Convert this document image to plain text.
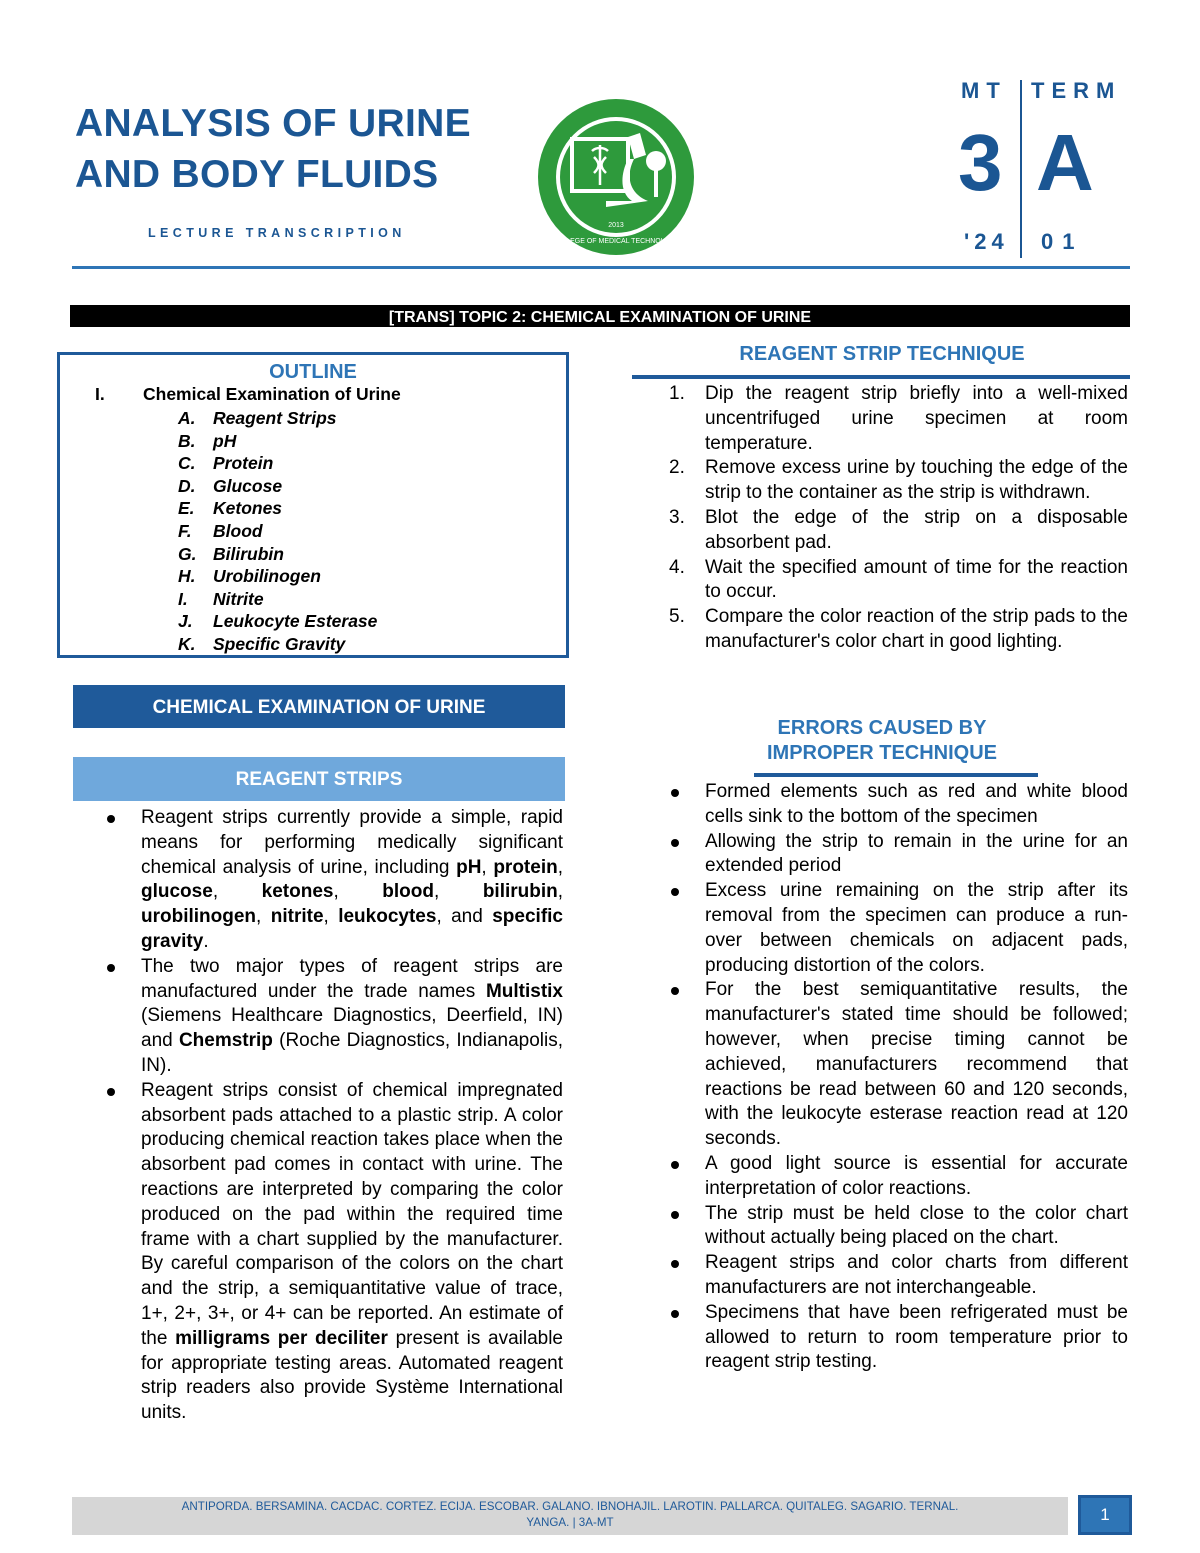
ANALYSIS OF URINE
AND BODY FLUIDS
LECTURE TRANSCRIPTION
2013
COLLEGE OF MEDICAL TECHNOLOGY
MT TERM
3 A
'24 01
[TRANS] TOPIC 2: CHEMICAL EXAMINATION OF URINE
OUTLINE
I. Chemical Examination of Urine
A. Reagent Strips
B. pH
C. Protein
D. Glucose
E. Ketones
F. Blood
G. Bilirubin
H. Urobilinogen
I. Nitrite
J. Leukocyte Esterase
K. Specific Gravity
CHEMICAL EXAMINATION OF URINE
REAGENT STRIPS
Reagent strips currently provide a simple, rapid means for performing medically significant chemical analysis of urine, including pH, protein, glucose, ketones, blood, bilirubin, urobilinogen, nitrite, leukocytes, and specific gravity.
The two major types of reagent strips are manufactured under the trade names Multistix (Siemens Healthcare Diagnostics, Deerfield, IN) and Chemstrip (Roche Diagnostics, Indianapolis, IN).
Reagent strips consist of chemical impregnated absorbent pads attached to a plastic strip. A color producing chemical reaction takes place when the absorbent pad comes in contact with urine. The reactions are interpreted by comparing the color produced on the pad within the required time frame with a chart supplied by the manufacturer. By careful comparison of the colors on the chart and the strip, a semiquantitative value of trace, 1+, 2+, 3+, or 4+ can be reported. An estimate of the milligrams per deciliter present is available for appropriate testing areas. Automated reagent strip readers also provide Système International units.
REAGENT STRIP TECHNIQUE
1. Dip the reagent strip briefly into a well-mixed uncentrifuged urine specimen at room temperature.
2. Remove excess urine by touching the edge of the strip to the container as the strip is withdrawn.
3. Blot the edge of the strip on a disposable absorbent pad.
4. Wait the specified amount of time for the reaction to occur.
5. Compare the color reaction of the strip pads to the manufacturer's color chart in good lighting.
ERRORS CAUSED BY
IMPROPER TECHNIQUE
Formed elements such as red and white blood cells sink to the bottom of the specimen
Allowing the strip to remain in the urine for an extended period
Excess urine remaining on the strip after its removal from the specimen can produce a run-over between chemicals on adjacent pads, producing distortion of the colors.
For the best semiquantitative results, the manufacturer's stated time should be followed; however, when precise timing cannot be achieved, manufacturers recommend that reactions be read between 60 and 120 seconds, with the leukocyte esterase reaction read at 120 seconds.
A good light source is essential for accurate interpretation of color reactions.
The strip must be held close to the color chart without actually being placed on the chart.
Reagent strips and color charts from different manufacturers are not interchangeable.
Specimens that have been refrigerated must be allowed to return to room temperature prior to reagent strip testing.
ANTIPORDA. BERSAMINA. CACDAC. CORTEZ. ECIJA. ESCOBAR. GALANO. IBNOHAJIL. LAROTIN. PALLARCA. QUITALEG. SAGARIO. TERNAL.
YANGA. | 3A-MT	1
